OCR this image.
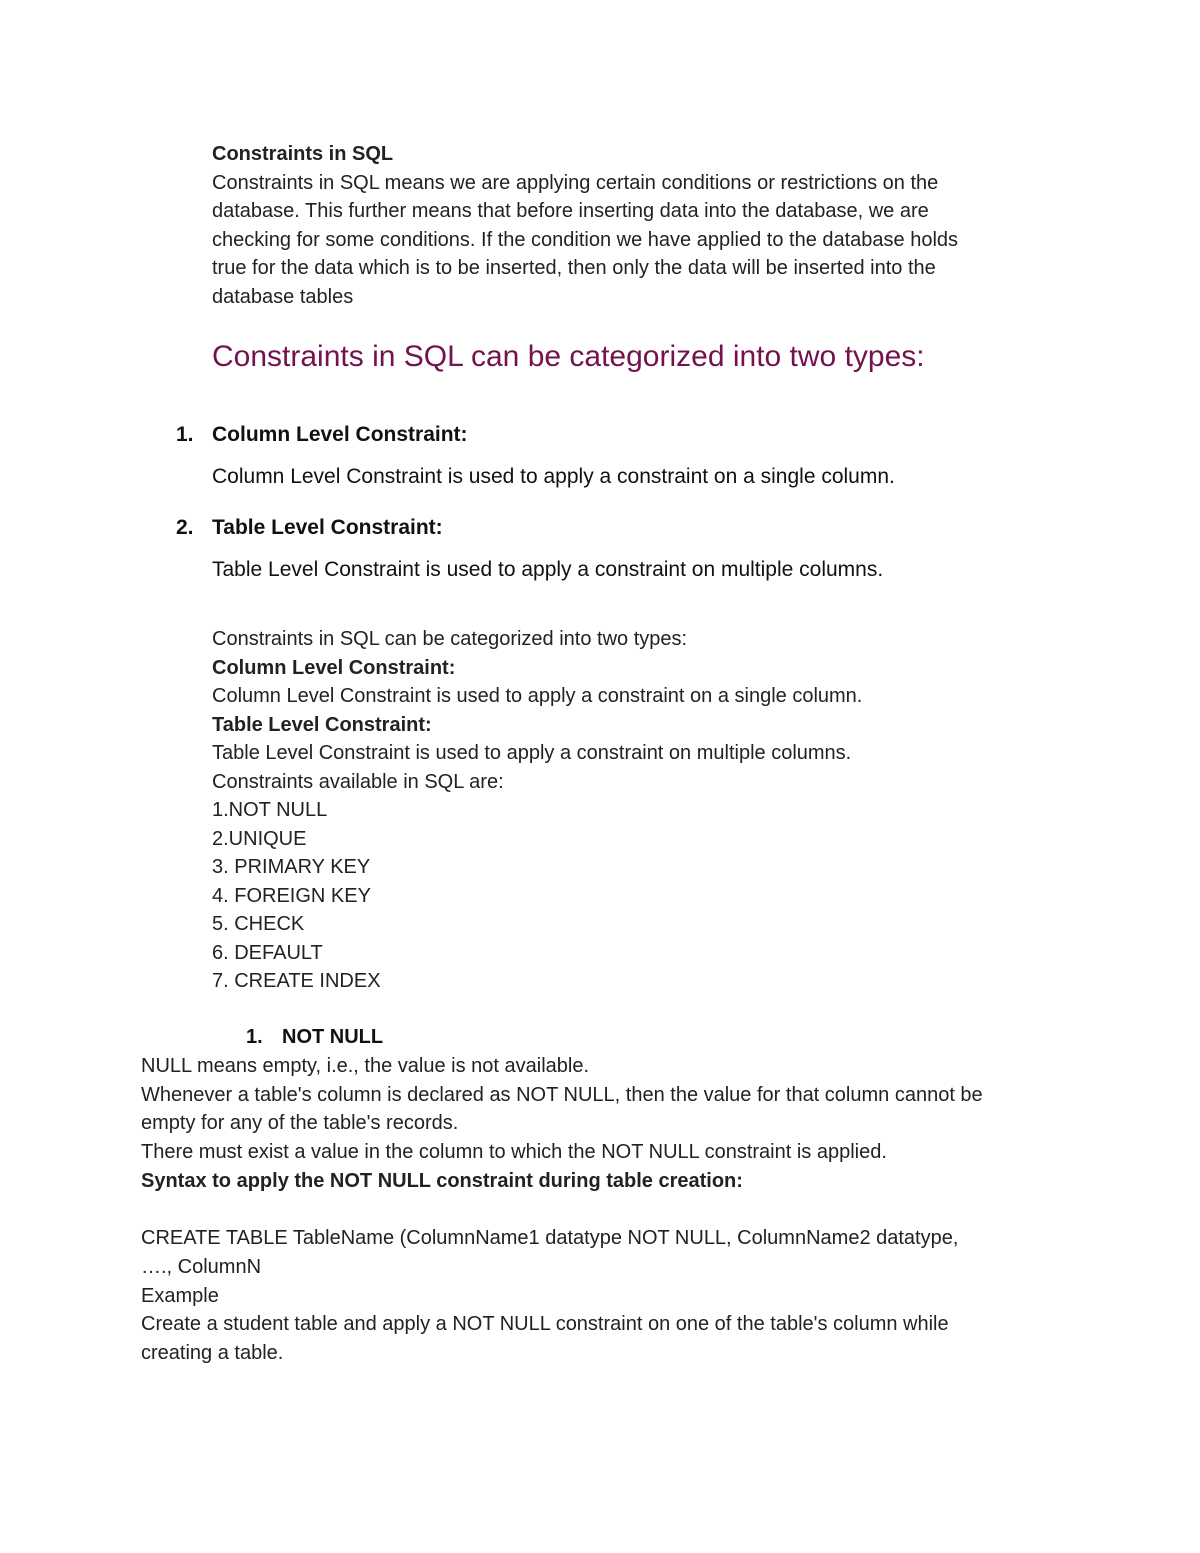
Constraints in SQL
Constraints in SQL means we are applying certain conditions or restrictions on the
database. This further means that before inserting data into the database, we are
checking for some conditions. If the condition we have applied to the database holds
true for the data which is to be inserted, then only the data will be inserted into the
database tables
Constraints in SQL can be categorized into two types:
1. Column Level Constraint:
Column Level Constraint is used to apply a constraint on a single column.
2. Table Level Constraint:
Table Level Constraint is used to apply a constraint on multiple columns.
Constraints in SQL can be categorized into two types:
Column Level Constraint:
Column Level Constraint is used to apply a constraint on a single column.
Table Level Constraint:
Table Level Constraint is used to apply a constraint on multiple columns.
Constraints available in SQL are:
1.NOT NULL
2.UNIQUE
3. PRIMARY KEY
4. FOREIGN KEY
5. CHECK
6. DEFAULT
7. CREATE INDEX
1. NOT NULL
NULL means empty, i.e., the value is not available.
Whenever a table's column is declared as NOT NULL, then the value for that column cannot be
empty for any of the table's records.
There must exist a value in the column to which the NOT NULL constraint is applied.
Syntax to apply the NOT NULL constraint during table creation:
CREATE TABLE TableName (ColumnName1 datatype NOT NULL, ColumnName2 datatype,
…., ColumnN
Example
Create a student table and apply a NOT NULL constraint on one of the table's column while
creating a table.
